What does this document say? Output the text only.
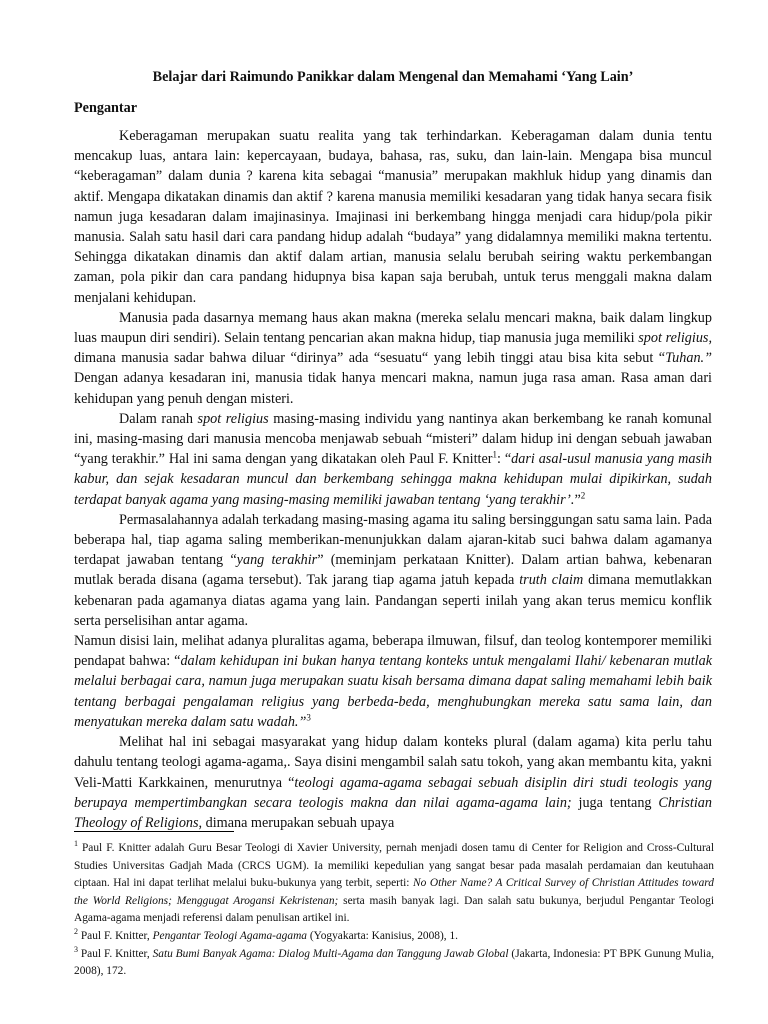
Belajar dari Raimundo Panikkar dalam Mengenal dan Memahami ‘Yang Lain’

Pengantar

Keberagaman merupakan suatu realita yang tak terhindarkan. Keberagaman dalam dunia tentu mencakup luas, antara lain: kepercayaan, budaya, bahasa, ras, suku, dan lain-lain. Mengapa bisa muncul “keberagaman” dalam dunia ? karena kita sebagai “manusia” merupakan makhluk hidup yang dinamis dan aktif. Mengapa dikatakan dinamis dan aktif ? karena manusia memiliki kesadaran yang tidak hanya secara fisik namun juga kesadaran dalam imajinasinya. Imajinasi ini berkembang hingga menjadi cara hidup/pola pikir manusia. Salah satu hasil dari cara pandang hidup adalah “budaya” yang didalamnya memiliki makna tertentu. Sehingga dikatakan dinamis dan aktif dalam artian, manusia selalu berubah seiring waktu perkembangan zaman, pola pikir dan cara pandang hidupnya bisa kapan saja berubah, untuk terus menggali makna dalam menjalani kehidupan.

Manusia pada dasarnya memang haus akan makna (mereka selalu mencari makna, baik dalam lingkup luas maupun diri sendiri). Selain tentang pencarian akan makna hidup, tiap manusia juga memiliki spot religius, dimana manusia sadar bahwa diluar “dirinya” ada “sesuatu“ yang lebih tinggi atau bisa kita sebut “Tuhan.” Dengan adanya kesadaran ini, manusia tidak hanya mencari makna, namun juga rasa aman. Rasa aman dari kehidupan yang penuh dengan misteri.

Dalam ranah spot religius masing-masing individu yang nantinya akan berkembang ke ranah komunal ini, masing-masing dari manusia mencoba menjawab sebuah “misteri” dalam hidup ini dengan sebuah jawaban “yang terakhir.” Hal ini sama dengan yang dikatakan oleh Paul F. Knitter$^1$: “dari asal-usul manusia yang masih kabur, dan sejak kesadaran muncul dan berkembang sehingga makna kehidupan mulai dipikirkan, sudah terdapat banyak agama yang masing-masing memiliki jawaban tentang ‘yang terakhir’.”$^2$

Permasalahannya adalah terkadang masing-masing agama itu saling bersinggungan satu sama lain. Pada beberapa hal, tiap agama saling memberikan-menunjukkan dalam ajaran-kitab suci bahwa dalam agamanya terdapat jawaban tentang “yang terakhir” (meminjam perkataan Knitter). Dalam artian bahwa, kebenaran mutlak berada disana (agama tersebut). Tak jarang tiap agama jatuh kepada truth claim dimana memutlakkan kebenaran pada agamanya diatas agama yang lain. Pandangan seperti inilah yang akan terus memicu konflik serta perselisihan antar agama.

Namun disisi lain, melihat adanya pluralitas agama, beberapa ilmuwan, filsuf, dan teolog kontemporer memiliki pendapat bahwa: “dalam kehidupan ini bukan hanya tentang konteks untuk mengalami Ilahi/ kebenaran mutlak melalui berbagai cara, namun juga merupakan suatu kisah bersama dimana dapat saling memahami lebih baik tentang berbagai pengalaman religius yang berbeda-beda, menghubungkan mereka satu sama lain, dan menyatukan mereka dalam satu wadah.”$^3$

Melihat hal ini sebagai masyarakat yang hidup dalam konteks plural (dalam agama) kita perlu tahu dahulu tentang teologi agama-agama,. Saya disini mengambil salah satu tokoh, yang akan membantu kita, yakni Veli-Matti Karkkainen, menurutnya “teologi agama-agama sebagai sebuah disiplin diri studi teologis yang berupaya mempertimbangkan secara teologis makna dan nilai agama-agama lain; juga tentang Christian Theology of Religions, dimana merupakan sebuah upaya

$^1$ Paul F. Knitter adalah Guru Besar Teologi di Xavier University, pernah menjadi dosen tamu di Center for Religion and Cross-Cultural Studies Universitas Gadjah Mada (CRCS UGM). Ia memiliki kepedulian yang sangat besar pada masalah perdamaian dan keutuhaan ciptaan. Hal ini dapat terlihat melalui buku-bukunya yang terbit, seperti: No Other Name? A Critical Survey of Christian Attitudes toward the World Religions; Menggugat Arogansi Kekristenan; serta masih banyak lagi. Dan salah satu bukunya, berjudul Pengantar Teologi Agama-agama menjadi referensi dalam penulisan artikel ini.

$^2$ Paul F. Knitter, Pengantar Teologi Agama-agama (Yogyakarta: Kanisius, 2008), 1.

$^3$ Paul F. Knitter, Satu Bumi Banyak Agama: Dialog Multi-Agama dan Tanggung Jawab Global (Jakarta, Indonesia: PT BPK Gunung Mulia, 2008), 172.
